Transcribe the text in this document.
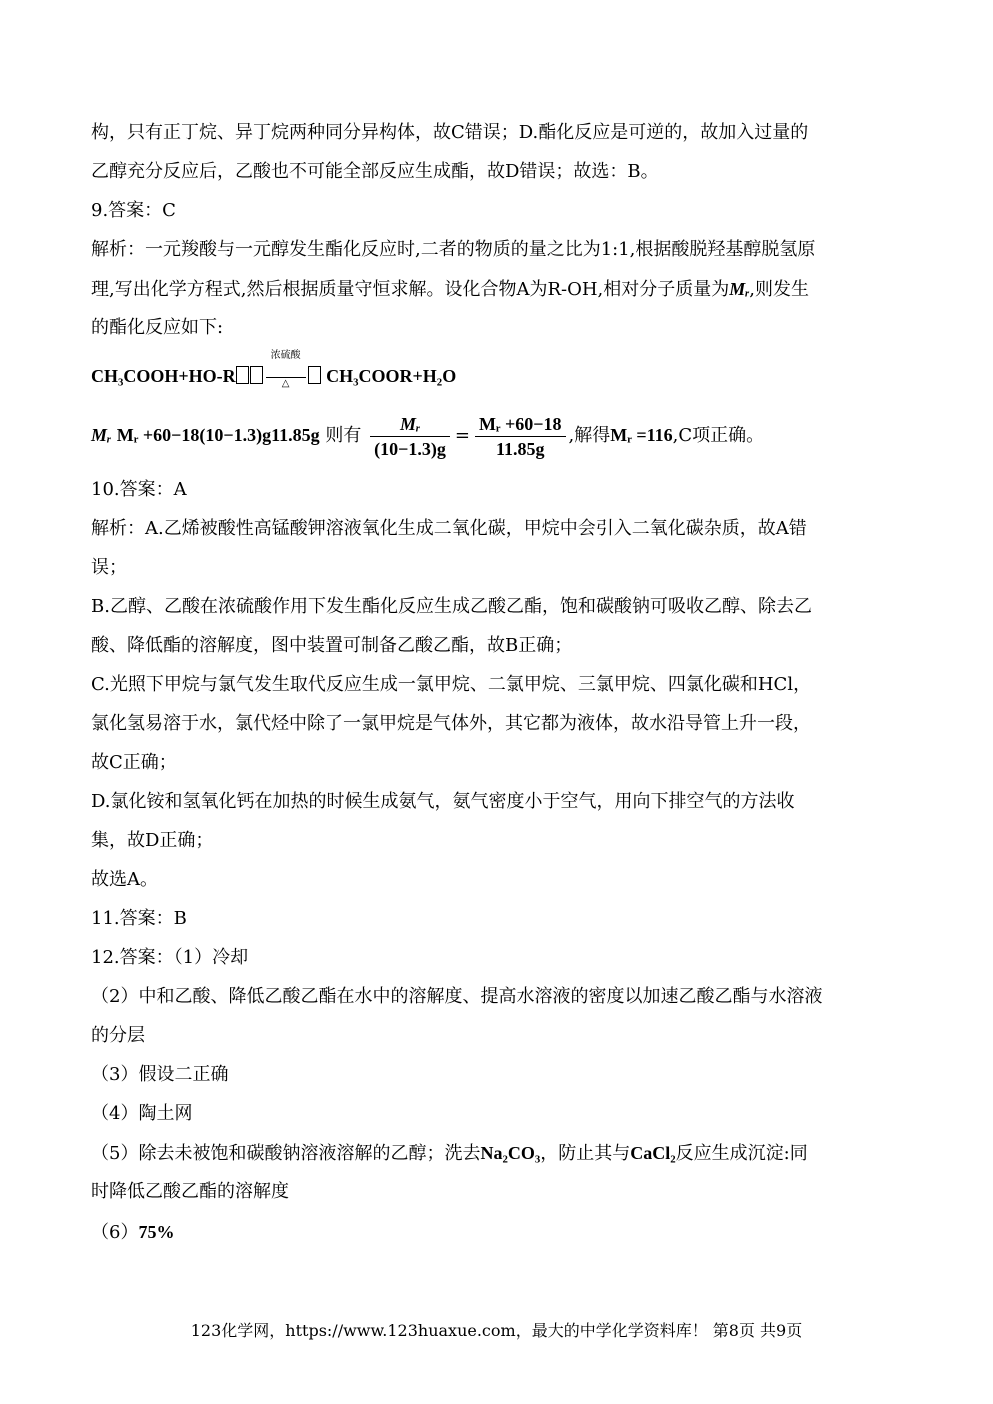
构，只有正丁烷、异丁烷两种同分异构体，故C错误；D.酯化反应是可逆的，故加入过量的
乙醇充分反应后，乙酸也不可能全部反应生成酯，故D错误；故选：B。
9.答案：C
解析：一元羧酸与一元醇发生酯化反应时,二者的物质的量之比为1:1,根据酸脱羟基醇脱氢原
理,写出化学方程式,然后根据质量守恒求解。设化合物A为R-OH,相对分子质量为Mᵣ,则发生
的酯化反应如下:
CH₃COOH+HO-R
浓硫酸
△	CH₃COOR+H₂O
Mᵣ Mᵣ +60−18(10−1.3)g11.85g 则有 $\frac{\text{Mᵣ}}{(10-1.3)g} = \frac{\text{Mᵣ +60−18}}{11.85g}$ ,解得Mᵣ =116,C项正确。
10.答案：A
解析：A.乙烯被酸性高锰酸钾溶液氧化生成二氧化碳，甲烷中会引入二氧化碳杂质，故A错
误；
B.乙醇、乙酸在浓硫酸作用下发生酯化反应生成乙酸乙酯，饱和碳酸钠可吸收乙醇、除去乙
酸、降低酯的溶解度，图中装置可制备乙酸乙酯，故B正确；
C.光照下甲烷与氯气发生取代反应生成一氯甲烷、二氯甲烷、三氯甲烷、四氯化碳和HCl，
氯化氢易溶于水，氯代烃中除了一氯甲烷是气体外，其它都为液体，故水沿导管上升一段，
故C正确；
D.氯化铵和氢氧化钙在加热的时候生成氨气，氨气密度小于空气，用向下排空气的方法收
集，故D正确；
故选A。
11.答案：B
12.答案：（1）冷却
（2）中和乙酸、降低乙酸乙酯在水中的溶解度、提高水溶液的密度以加速乙酸乙酯与水溶液
的分层
（3）假设二正确
（4）陶土网
（5）除去未被饱和碳酸钠溶液溶解的乙醇；洗去Na₂CO₃，防止其与CaCl₂反应生成沉淀:同
时降低乙酸乙酯的溶解度
（6）75%
123化学网，https://www.123huaxue.com，最大的中学化学资料库！ 第8页 共9页
